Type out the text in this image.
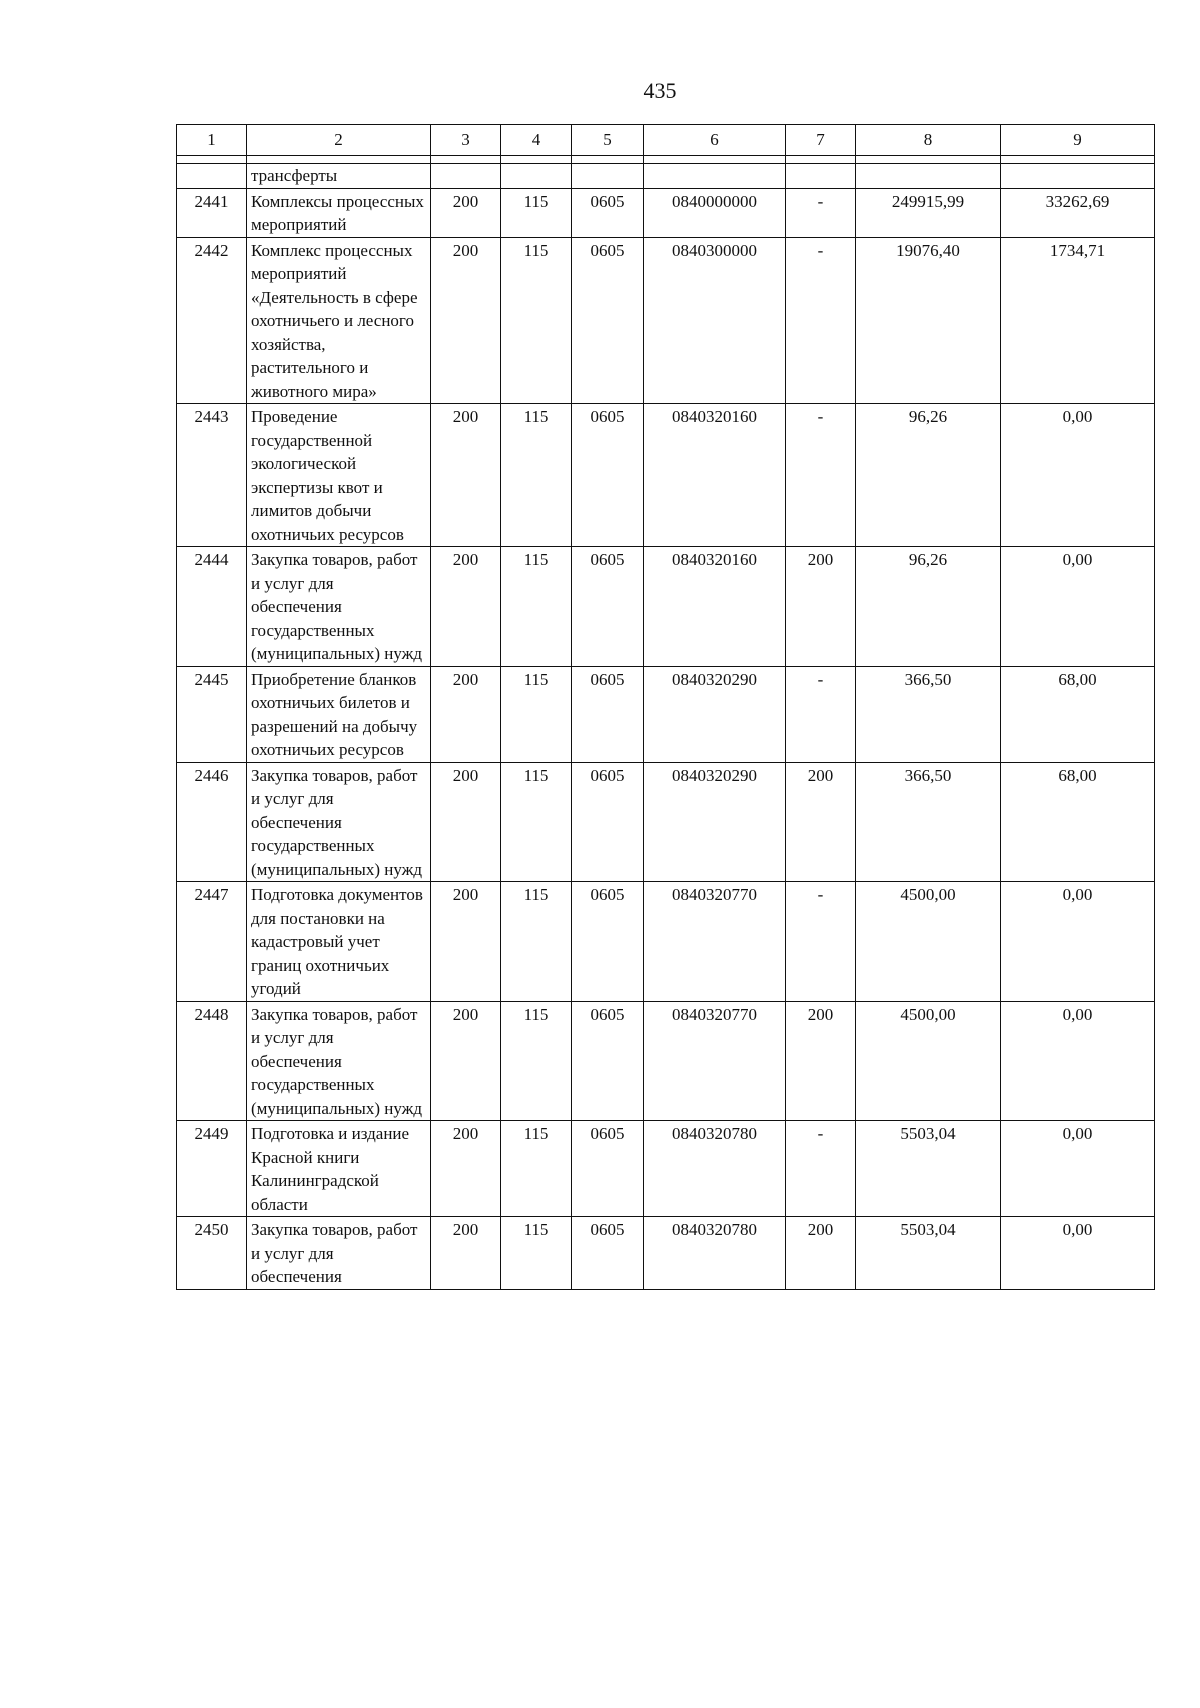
435
1	2	3	4	5	6	7	8	9

	трансферты							
2441	Комплексы процессных мероприятий	200	115	0605	0840000000	-	249915,99	33262,69
2442	Комплекс процессных мероприятий «Деятельность в сфере охотничьего и лесного хозяйства, растительного и животного мира»	200	115	0605	0840300000	-	19076,40	1734,71
2443	Проведение государственной экологической экспертизы квот и лимитов добычи охотничьих ресурсов	200	115	0605	0840320160	-	96,26	0,00
2444	Закупка товаров, работ и услуг для обеспечения государственных (муниципальных) нужд	200	115	0605	0840320160	200	96,26	0,00
2445	Приобретение бланков охотничьих билетов и разрешений на добычу охотничьих ресурсов	200	115	0605	0840320290	-	366,50	68,00
2446	Закупка товаров, работ и услуг для обеспечения государственных (муниципальных) нужд	200	115	0605	0840320290	200	366,50	68,00
2447	Подготовка документов для постановки на кадастровый учет границ охотничьих угодий	200	115	0605	0840320770	-	4500,00	0,00
2448	Закупка товаров, работ и услуг для обеспечения государственных (муниципальных) нужд	200	115	0605	0840320770	200	4500,00	0,00
2449	Подготовка и издание Красной книги Калининградской области	200	115	0605	0840320780	-	5503,04	0,00
2450	Закупка товаров, работ и услуг для обеспечения	200	115	0605	0840320780	200	5503,04	0,00
